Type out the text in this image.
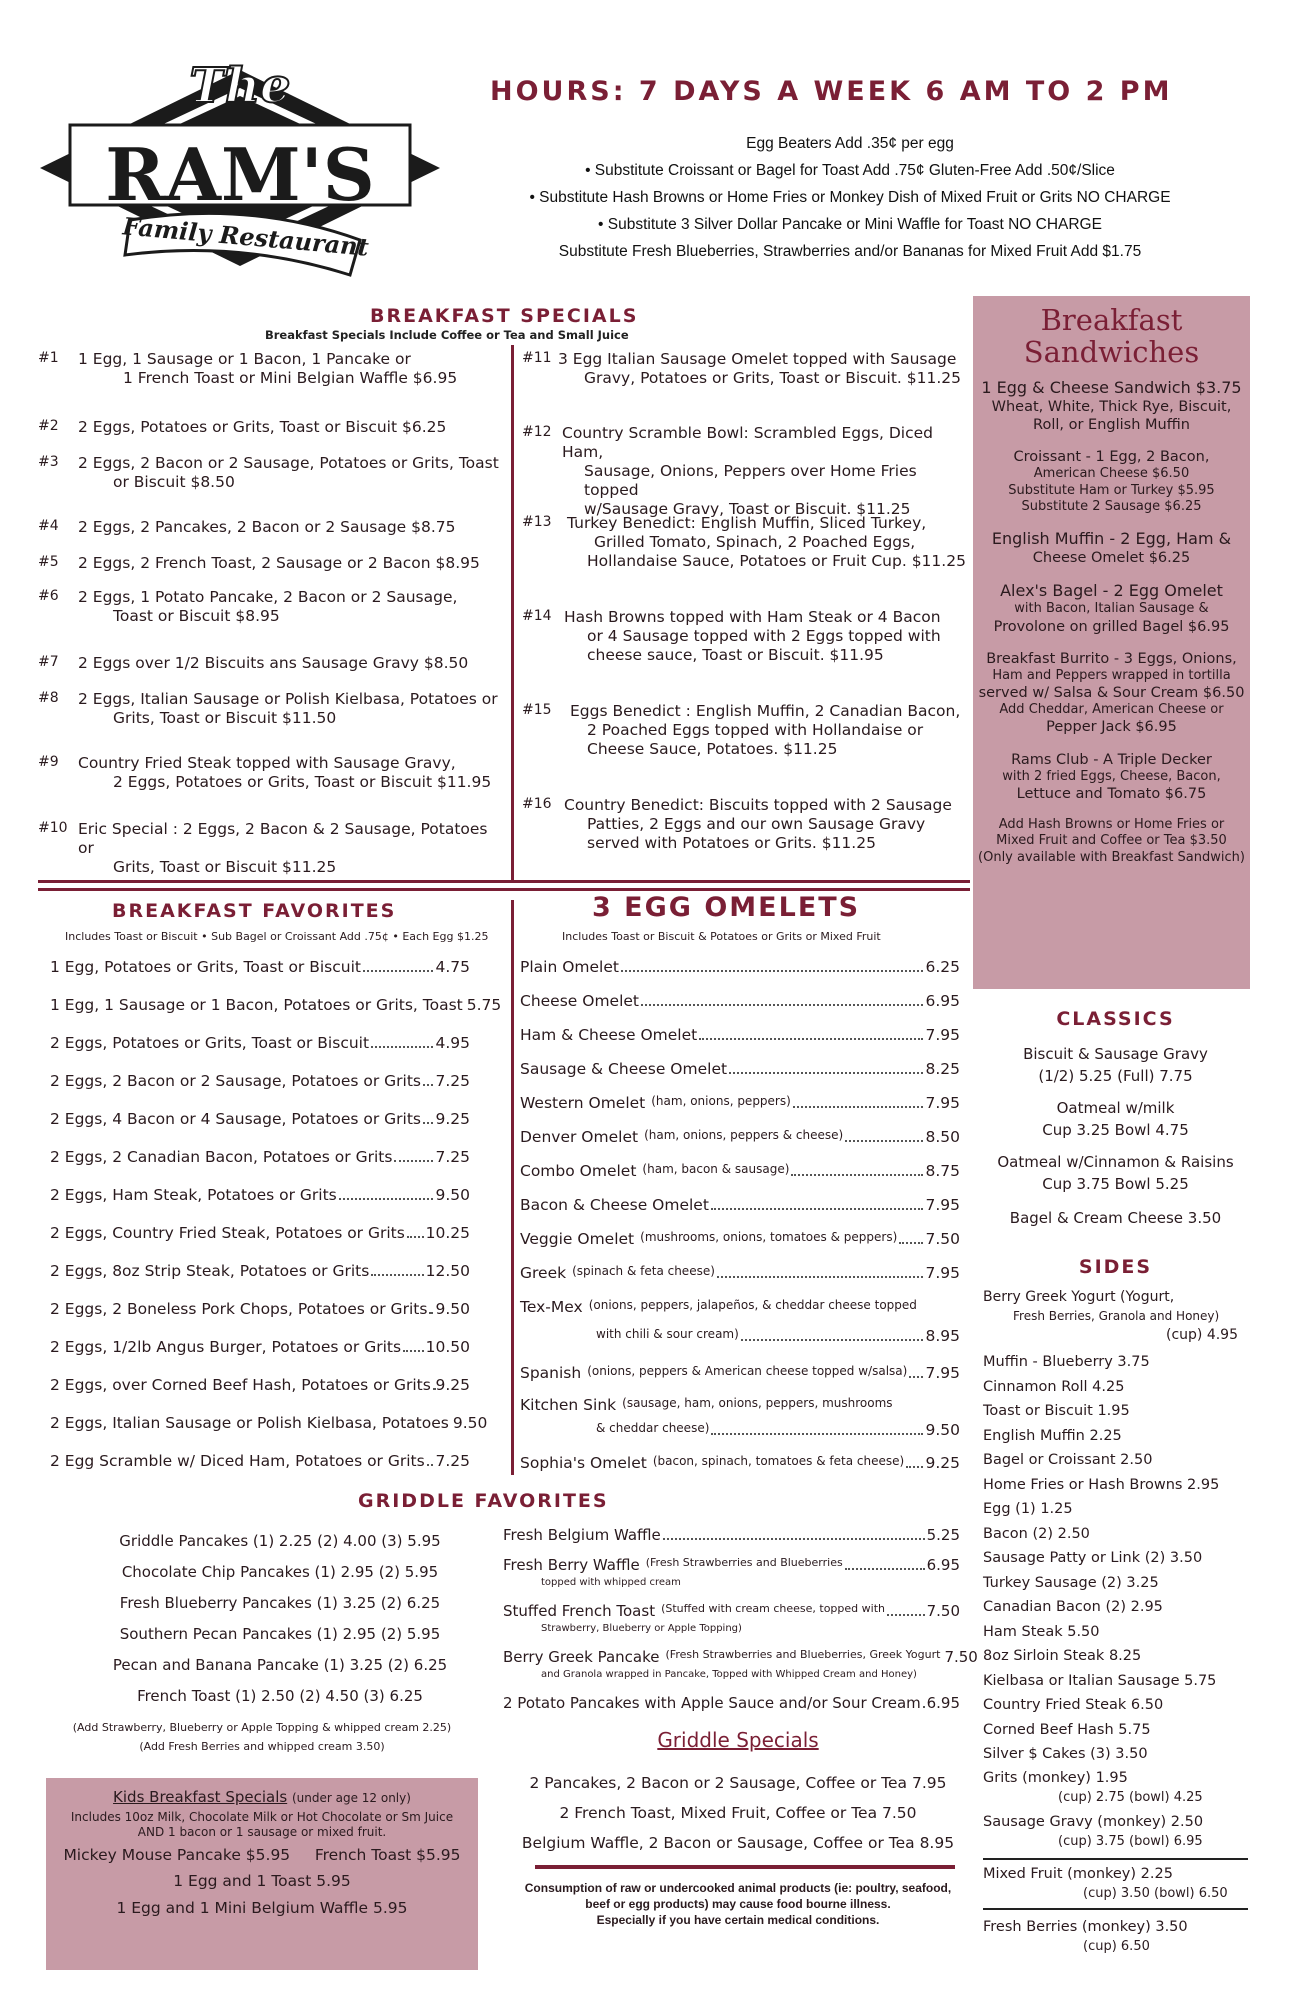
The
RAM'S
Family Restaurant
HOURS: 7 DAYS A WEEK 6 AM TO 2 PM
Egg Beaters Add .35¢ per egg
• Substitute Croissant or Bagel for Toast Add .75¢ Gluten-Free Add .50¢/Slice
• Substitute Hash Browns or Home Fries or Monkey Dish of Mixed Fruit or Grits NO CHARGE
• Substitute 3 Silver Dollar Pancake or Mini Waffle for Toast NO CHARGE
Substitute Fresh Blueberries, Strawberries and/or Bananas for Mixed Fruit Add $1.75
BREAKFAST SPECIALS
Breakfast Specials Include Coffee or Tea and Small Juice
#1	1 Egg, 1 Sausage or 1 Bacon, 1 Pancake or
1 French Toast or Mini Belgian Waffle $6.95
#2	2 Eggs, Potatoes or Grits, Toast or Biscuit $6.25
#3	2 Eggs, 2 Bacon or 2 Sausage, Potatoes or Grits, Toast
or Biscuit $8.50
#4	2 Eggs, 2 Pancakes, 2 Bacon or 2 Sausage $8.75
#5	2 Eggs, 2 French Toast, 2 Sausage or 2 Bacon $8.95
#6	2 Eggs, 1 Potato Pancake, 2 Bacon or 2 Sausage,
Toast or Biscuit $8.95
#7	2 Eggs over 1/2 Biscuits ans Sausage Gravy $8.50
#8	2 Eggs, Italian Sausage or Polish Kielbasa, Potatoes or
Grits, Toast or Biscuit $11.50
#9	Country Fried Steak topped with Sausage Gravy,
2 Eggs, Potatoes or Grits, Toast or Biscuit $11.95
#10 Eric Special : 2 Eggs, 2 Bacon & 2 Sausage, Potatoes or
Grits, Toast or Biscuit $11.25
#11 3 Egg Italian Sausage Omelet topped with Sausage
Gravy, Potatoes or Grits, Toast or Biscuit. $11.25
#12 Country Scramble Bowl: Scrambled Eggs, Diced Ham,
Sausage, Onions, Peppers over Home Fries topped
w/Sausage Gravy, Toast or Biscuit. $11.25
#13 Turkey Benedict: English Muffin, Sliced Turkey,
Grilled Tomato, Spinach, 2 Poached Eggs,
Hollandaise Sauce, Potatoes or Fruit Cup. $11.25
#14 Hash Browns topped with Ham Steak or 4 Bacon
or 4 Sausage topped with 2 Eggs topped with
cheese sauce, Toast or Biscuit. $11.95
#15	Eggs Benedict : English Muffin, 2 Canadian Bacon,
2 Poached Eggs topped with Hollandaise or
Cheese Sauce, Potatoes. $11.25
#16 Country Benedict: Biscuits topped with 2 Sausage
Patties, 2 Eggs and our own Sausage Gravy
served with Potatoes or Grits. $11.25
Breakfast
Sandwiches
1 Egg & Cheese Sandwich $3.75
Wheat, White, Thick Rye, Biscuit,
Roll, or English Muffin
Croissant - 1 Egg, 2 Bacon,
American Cheese $6.50
Substitute Ham or Turkey $5.95
Substitute 2 Sausage $6.25
English Muffin - 2 Egg, Ham &
Cheese Omelet $6.25
Alex's Bagel - 2 Egg Omelet
with Bacon, Italian Sausage &
Provolone on grilled Bagel $6.95
Breakfast Burrito - 3 Eggs, Onions,
Ham and Peppers wrapped in tortilla
served w/ Salsa & Sour Cream $6.50
Add Cheddar, American Cheese or
Pepper Jack $6.95
Rams Club - A Triple Decker
with 2 fried Eggs, Cheese, Bacon,
Lettuce and Tomato $6.75
Add Hash Browns or Home Fries or
Mixed Fruit and Coffee or Tea $3.50
(Only available with Breakfast Sandwich)
BREAKFAST FAVORITES
Includes Toast or Biscuit • Sub Bagel or Croissant Add .75¢ • Each Egg $1.25
1 Egg, Potatoes or Grits, Toast or Biscuit	4.75
1 Egg, 1 Sausage or 1 Bacon, Potatoes or Grits, Toast 5.75
2 Eggs, Potatoes or Grits, Toast or Biscuit	4.95
2 Eggs, 2 Bacon or 2 Sausage, Potatoes or Grits 7.25
2 Eggs, 4 Bacon or 4 Sausage, Potatoes or Grits 9.25
2 Eggs, 2 Canadian Bacon, Potatoes or Grits	7.25
2 Eggs, Ham Steak, Potatoes or Grits	9.50
2 Eggs, Country Fried Steak, Potatoes or Grits 10.25
2 Eggs, 8oz Strip Steak, Potatoes or Grits	12.50
2 Eggs, 2 Boneless Pork Chops, Potatoes or Grits 9.50
2 Eggs, 1/2lb Angus Burger, Potatoes or Grits 10.50
2 Eggs, over Corned Beef Hash, Potatoes or Grits 9.25
2 Eggs, Italian Sausage or Polish Kielbasa, Potatoes 9.50
2 Egg Scramble w/ Diced Ham, Potatoes or Grits 7.25
3 EGG OMELETS
Includes Toast or Biscuit & Potatoes or Grits or Mixed Fruit
Plain Omelet	6.25
Cheese Omelet	6.95
Ham & Cheese Omelet	7.95
Sausage & Cheese Omelet	8.25
Western Omelet (ham, onions, peppers)	7.95
Denver Omelet (ham, onions, peppers & cheese)	8.50
Combo Omelet (ham, bacon & sausage)	8.75
Bacon & Cheese Omelet	7.95
Veggie Omelet (mushrooms, onions, tomatoes & peppers) 7.50
Greek (spinach & feta cheese)	7.95
Tex-Mex (onions, peppers, jalapeños, & cheddar cheese topped
with chili & sour cream)	8.95
Spanish (onions, peppers & American cheese topped w/salsa) 7.95
Kitchen Sink (sausage, ham, onions, peppers, mushrooms
& cheddar cheese)	9.50
Sophia's Omelet (bacon, spinach, tomatoes & feta cheese) 9.25
CLASSICS
Biscuit & Sausage Gravy
(1/2) 5.25 (Full) 7.75
Oatmeal w/milk
Cup 3.25 Bowl 4.75
Oatmeal w/Cinnamon & Raisins
Cup 3.75 Bowl 5.25
Bagel & Cream Cheese 3.50
SIDES
Berry Greek Yogurt (Yogurt,
Fresh Berries, Granola and Honey)
(cup) 4.95
Muffin - Blueberry 3.75
Cinnamon Roll 4.25
Toast or Biscuit 1.95
English Muffin 2.25
Bagel or Croissant 2.50
Home Fries or Hash Browns 2.95
Egg (1) 1.25
Bacon (2) 2.50
Sausage Patty or Link (2) 3.50
Turkey Sausage (2) 3.25
Canadian Bacon (2) 2.95
Ham Steak 5.50
8oz Sirloin Steak 8.25
Kielbasa or Italian Sausage 5.75
Country Fried Steak 6.50
Corned Beef Hash 5.75
Silver $ Cakes (3) 3.50
Grits (monkey) 1.95
(cup) 2.75 (bowl) 4.25
Sausage Gravy (monkey) 2.50
(cup) 3.75 (bowl) 6.95
Mixed Fruit (monkey) 2.25
(cup) 3.50 (bowl) 6.50
Fresh Berries (monkey) 3.50
(cup) 6.50
GRIDDLE FAVORITES
Griddle Pancakes (1) 2.25 (2) 4.00 (3) 5.95
Chocolate Chip Pancakes (1) 2.95 (2) 5.95
Fresh Blueberry Pancakes (1) 3.25 (2) 6.25
Southern Pecan Pancakes (1) 2.95 (2) 5.95
Pecan and Banana Pancake (1) 3.25 (2) 6.25
French Toast (1) 2.50 (2) 4.50 (3) 6.25
(Add Strawberry, Blueberry or Apple Topping & whipped cream 2.25)
(Add Fresh Berries and whipped cream 3.50)
Fresh Belgium Waffle	5.25
Fresh Berry Waffle (Fresh Strawberries and Blueberries	6.95
topped with whipped cream
Stuffed French Toast (Stuffed with cream cheese, topped with	7.50
Strawberry, Blueberry or Apple Topping)
Berry Greek Pancake (Fresh Strawberries and Blueberries, Greek Yogurt 7.50
and Granola wrapped in Pancake, Topped with Whipped Cream and Honey)
2 Potato Pancakes with Apple Sauce and/or Sour Cream 6.95
Griddle Specials
2 Pancakes, 2 Bacon or 2 Sausage, Coffee or Tea 7.95
2 French Toast, Mixed Fruit, Coffee or Tea 7.50
Belgium Waffle, 2 Bacon or Sausage, Coffee or Tea 8.95
Consumption of raw or undercooked animal products (ie: poultry, seafood,
beef or egg products) may cause food bourne illness.
Especially if you have certain medical conditions.
Kids Breakfast Specials (under age 12 only)
Includes 10oz Milk, Chocolate Milk or Hot Chocolate or Sm Juice
AND 1 bacon or 1 sausage or mixed fruit.
Mickey Mouse Pancake $5.95 French Toast $5.95
1 Egg and 1 Toast 5.95
1 Egg and 1 Mini Belgium Waffle 5.95
